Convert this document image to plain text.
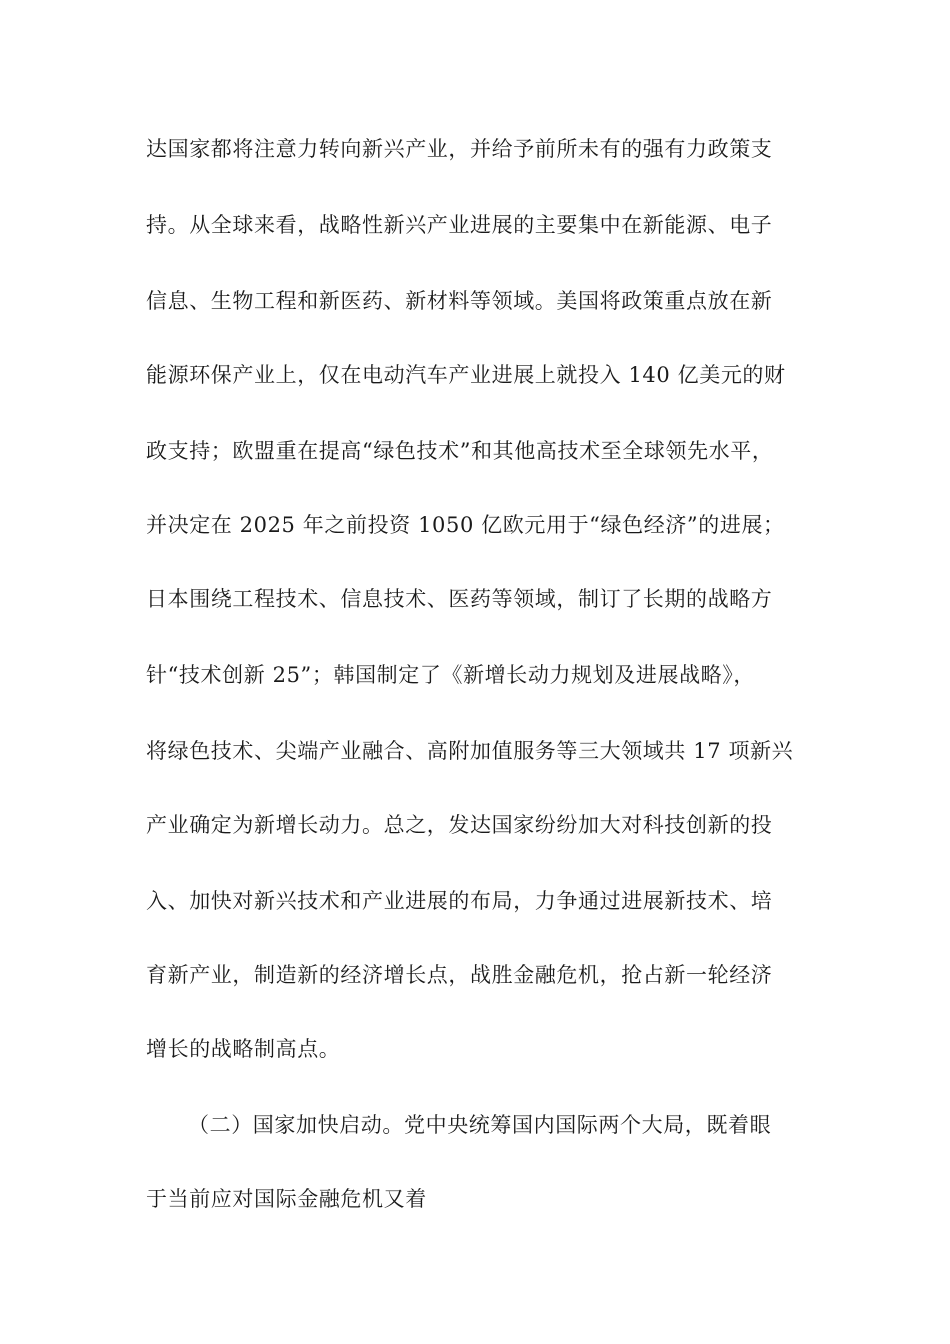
达国家都将注意力转向新兴产业，并给予前所未有的强有力政策支
持。从全球来看，战略性新兴产业进展的主要集中在新能源、电子
信息、生物工程和新医药、新材料等领域。美国将政策重点放在新
能源环保产业上，仅在电动汽车产业进展上就投入 140 亿美元的财
政支持；欧盟重在提高“绿色技术”和其他高技术至全球领先水平，
并决定在 2025 年之前投资 1050 亿欧元用于“绿色经济”的进展；
日本围绕工程技术、信息技术、医药等领域，制订了长期的战略方
针“技术创新 25”；韩国制定了《新增长动力规划及进展战略》，
将绿色技术、尖端产业融合、高附加值服务等三大领域共 17 项新兴
产业确定为新增长动力。总之，发达国家纷纷加大对科技创新的投
入、加快对新兴技术和产业进展的布局，力争通过进展新技术、培
育新产业，制造新的经济增长点，战胜金融危机，抢占新一轮经济
增长的战略制高点。
（二）国家加快启动。党中央统筹国内国际两个大局，既着眼
于当前应对国际金融危机又着
